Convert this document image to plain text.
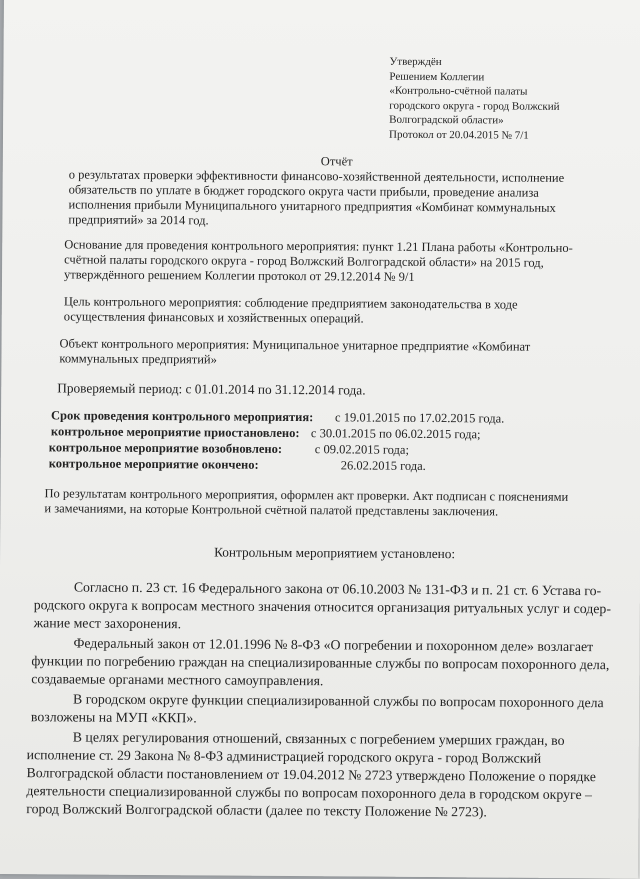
Утверждён
Решением Коллегии
«Контрольно-счётной палаты
городского округа - город Волжский
Волгоградской области»
Протокол от 20.04.2015 № 7/1
Отчёт
о результатах проверки эффективности финансово-хозяйственной деятельности, исполнение
обязательств по уплате в бюджет городского округа части прибыли, проведение анализа
исполнения прибыли Муниципального унитарного предприятия «Комбинат коммунальных
предприятий» за 2014 год.
Основание для проведения контрольного мероприятия: пункт 1.21 Плана работы «Контрольно-
счётной палаты городского округа - город Волжский Волгоградской области» на 2015 год,
утверждённого решением Коллегии протокол от 29.12.2014 № 9/1
Цель контрольного мероприятия: соблюдение предприятием законодательства в ходе
осуществления финансовых и хозяйственных операций.
Объект контрольного мероприятия: Муниципальное унитарное предприятие «Комбинат
коммунальных предприятий»
Проверяемый период: с 01.01.2014 по 31.12.2014 года.
Срок проведения контрольного мероприятия: с 19.01.2015 по 17.02.2015 года.
контрольное мероприятие приостановлено: с 30.01.2015 по 06.02.2015 года;
контрольное мероприятие возобновлено:	с 09.02.2015 года;
контрольное мероприятие окончено:	26.02.2015 года.
По результатам контрольного мероприятия, оформлен акт проверки. Акт подписан с пояснениями
и замечаниями, на которые Контрольной счётной палатой представлены заключения.
Контрольным мероприятием установлено:
Согласно п. 23 ст. 16 Федерального закона от 06.10.2003 № 131-ФЗ и п. 21 ст. 6 Устава го-
родского округа к вопросам местного значения относится организация ритуальных услуг и содер-
жание мест захоронения.
Федеральный закон от 12.01.1996 № 8-ФЗ «О погребении и похоронном деле» возлагает
функции по погребению граждан на специализированные службы по вопросам похоронного дела,
создаваемые органами местного самоуправления.
В городском округе функции специализированной службы по вопросам похоронного дела
возложены на МУП «ККП».
В целях регулирования отношений, связанных с погребением умерших граждан, во
исполнение ст. 29 Закона № 8-ФЗ администрацией городского округа - город Волжский
Волгоградской области постановлением от 19.04.2012 № 2723 утверждено Положение о порядке
деятельности специализированной службы по вопросам похоронного дела в городском округе –
город Волжский Волгоградской области (далее по тексту Положение № 2723).
